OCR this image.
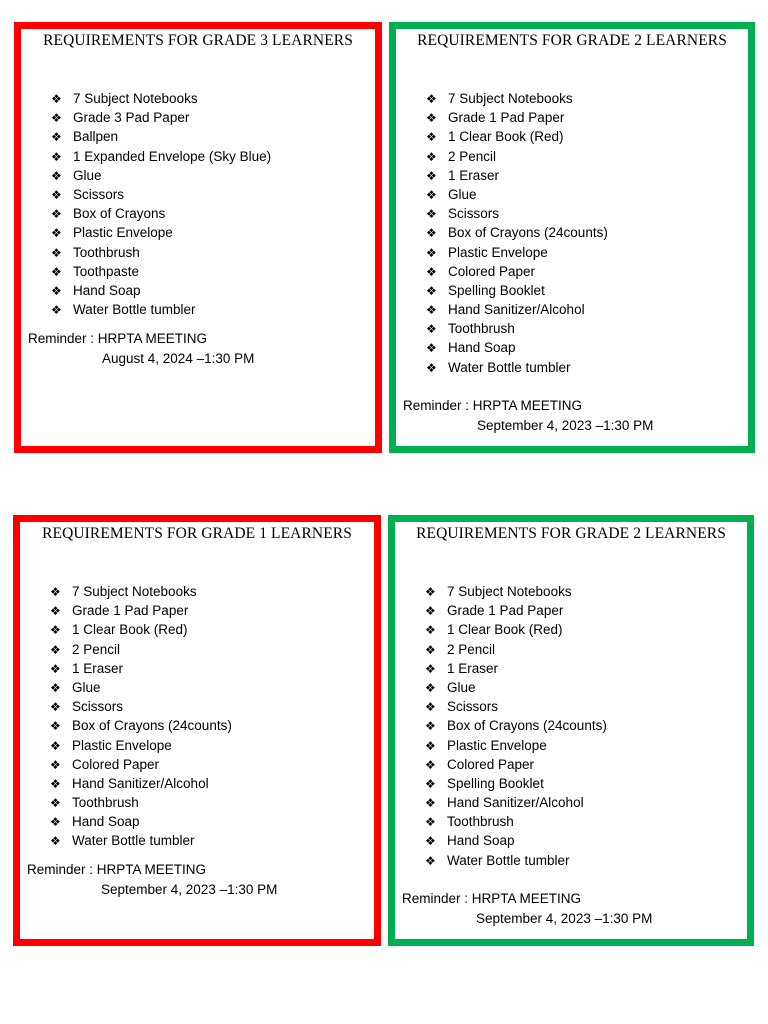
REQUIREMENTS FOR GRADE 3 LEARNERS
❖ 7 Subject Notebooks
❖ Grade 3 Pad Paper
❖ Ballpen
❖ 1 Expanded Envelope (Sky Blue)
❖ Glue
❖ Scissors
❖ Box of Crayons
❖ Plastic Envelope
❖ Toothbrush
❖ Toothpaste
❖ Hand Soap
❖ Water Bottle tumbler
Reminder : HRPTA MEETING
August 4, 2024 –1:30 PM
REQUIREMENTS FOR GRADE 2 LEARNERS
❖ 7 Subject Notebooks
❖ Grade 1 Pad Paper
❖ 1 Clear Book (Red)
❖ 2 Pencil
❖ 1 Eraser
❖ Glue
❖ Scissors
❖ Box of Crayons (24counts)
❖ Plastic Envelope
❖ Colored Paper
❖ Spelling Booklet
❖ Hand Sanitizer/Alcohol
❖ Toothbrush
❖ Hand Soap
❖ Water Bottle tumbler
Reminder : HRPTA MEETING
September 4, 2023 –1:30 PM
REQUIREMENTS FOR GRADE 1 LEARNERS
❖ 7 Subject Notebooks
❖ Grade 1 Pad Paper
❖ 1 Clear Book (Red)
❖ 2 Pencil
❖ 1 Eraser
❖ Glue
❖ Scissors
❖ Box of Crayons (24counts)
❖ Plastic Envelope
❖ Colored Paper
❖ Hand Sanitizer/Alcohol
❖ Toothbrush
❖ Hand Soap
❖ Water Bottle tumbler
Reminder : HRPTA MEETING
September 4, 2023 –1:30 PM
REQUIREMENTS FOR GRADE 2 LEARNERS
❖ 7 Subject Notebooks
❖ Grade 1 Pad Paper
❖ 1 Clear Book (Red)
❖ 2 Pencil
❖ 1 Eraser
❖ Glue
❖ Scissors
❖ Box of Crayons (24counts)
❖ Plastic Envelope
❖ Colored Paper
❖ Spelling Booklet
❖ Hand Sanitizer/Alcohol
❖ Toothbrush
❖ Hand Soap
❖ Water Bottle tumbler
Reminder : HRPTA MEETING
September 4, 2023 –1:30 PM
